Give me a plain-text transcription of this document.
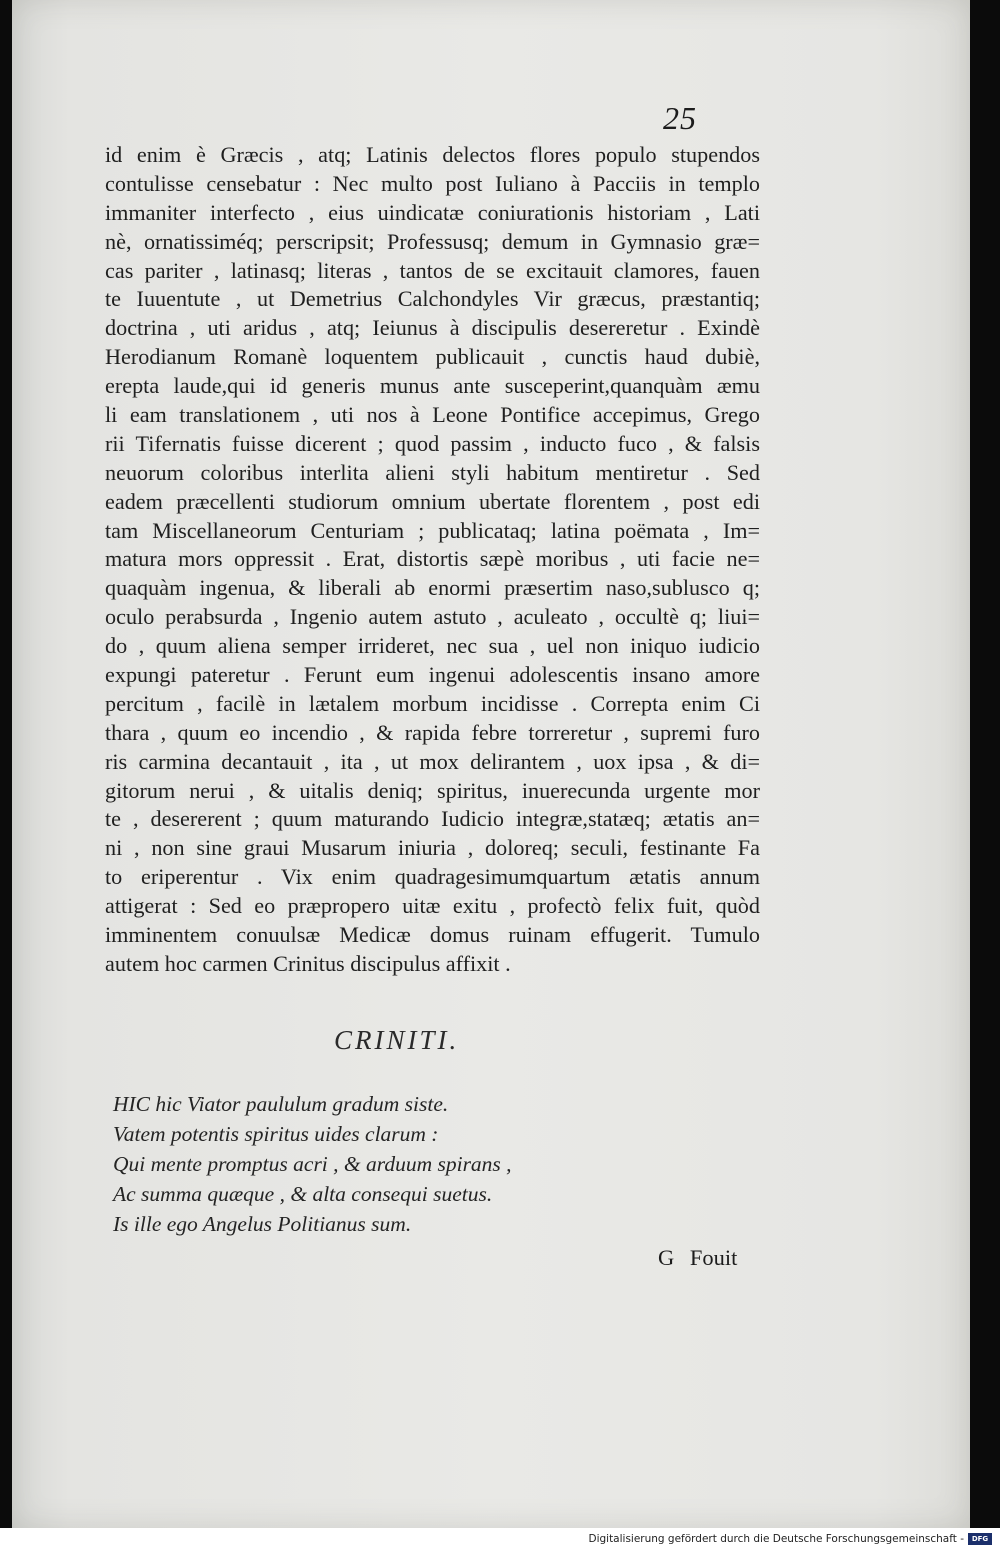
25
id enim è Græcis , atq; Latinis delectos flores populo stupendos
contulisse censebatur : Nec multo post Iuliano à Pacciis in templo
immaniter interfecto , eius uindicatæ coniurationis historiam , Lati
nè, ornatissiméq; perscripsit; Professusq; demum in Gymnasio græ=
cas pariter , latinasq; literas , tantos de se excitauit clamores, fauen
te Iuuentute , ut Demetrius Calchondyles Vir græcus, præstantiq;
doctrina , uti aridus , atq; Ieiunus à discipulis desereretur . Exindè
Herodianum Romanè loquentem publicauit , cunctis haud dubiè,
erepta laude,qui id generis munus ante susceperint,quanquàm æmu
li eam translationem , uti nos à Leone Pontifice accepimus, Grego
rii Tifernatis fuisse dicerent ; quod passim , inducto fuco , & falsis
neuorum coloribus interlita alieni styli habitum mentiretur . Sed
eadem præcellenti studiorum omnium ubertate florentem , post edi
tam Miscellaneorum Centuriam ; publicataq; latina poëmata , Im=
matura mors oppressit . Erat, distortis sæpè moribus , uti facie ne=
quaquàm ingenua, & liberali ab enormi præsertim naso,sublusco q;
oculo perabsurda , Ingenio autem astuto , aculeato , occultè q; liui=
do , quum aliena semper irrideret, nec sua , uel non iniquo iudicio
expungi pateretur . Ferunt eum ingenui adolescentis insano amore
percitum , facilè in lætalem morbum incidisse . Correpta enim Ci
thara , quum eo incendio , & rapida febre torreretur , supremi furo
ris carmina decantauit , ita , ut mox delirantem , uox ipsa , & di=
gitorum nerui , & uitalis deniq; spiritus, inuerecunda urgente mor
te , desererent ; quum maturando Iudicio integræ,statæq; ætatis an=
ni , non sine graui Musarum iniuria , doloreq; seculi, festinante Fa
to eriperentur . Vix enim quadragesimumquartum ætatis annum
attigerat : Sed eo præpropero uitæ exitu , profectò felix fuit, quòd
imminentem conuulsæ Medicæ domus ruinam effugerit. Tumulo
autem hoc carmen Crinitus discipulus affixit .
CRINITI.
HIC hic Viator paululum gradum siste.
Vatem potentis spiritus uides clarum :
Qui mente promptus acri , & arduum spirans ,
Ac summa quæque , & alta consequi suetus.
Is ille ego Angelus Politianus sum.
G Fouit
Digitalisierung gefördert durch die Deutsche Forschungsgemeinschaft -	DFG
